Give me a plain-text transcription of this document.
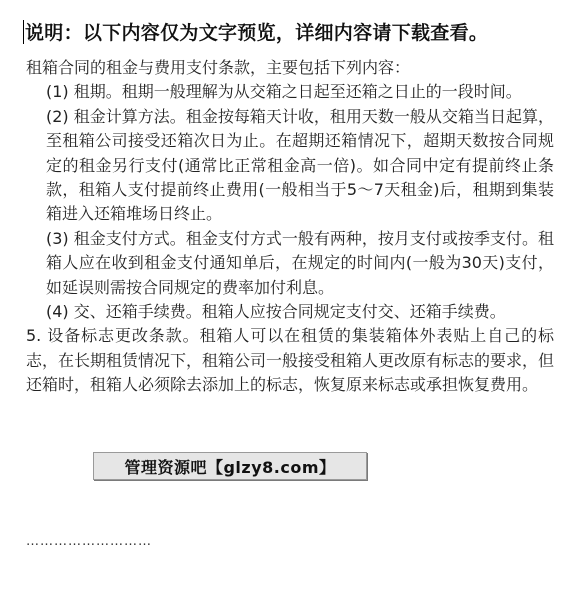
说明：以下内容仅为文字预览，详细内容请下载查看。

租箱合同的租金与费用支付条款，主要包括下列内容：

(1) 租期。租期一般理解为从交箱之日起至还箱之日止的一段时间。

(2) 租金计算方法。租金按每箱天计收，租用天数一般从交箱当日起算，至租箱公司接受还箱次日为止。在超期还箱情况下，超期天数按合同规定的租金另行支付(通常比正常租金高一倍)。如合同中定有提前终止条款，租箱人支付提前终止费用(一般相当于5～7天租金)后，租期到集装箱进入还箱堆场日终止。

(3) 租金支付方式。租金支付方式一般有两种，按月支付或按季支付。租箱人应在收到租金支付通知单后，在规定的时间内(一般为30天)支付，如延误则需按合同规定的费率加付利息。

(4) 交、还箱手续费。租箱人应按合同规定支付交、还箱手续费。

5. 设备标志更改条款。租箱人可以在租赁的集装箱体外表贴上自己的标志，在长期租赁情况下，租箱公司一般接受租箱人更改原有标志的要求，但还箱时，租箱人必须除去添加上的标志，恢复原来标志或承担恢复费用。

………………………
管理资源吧【glzy8.com】
